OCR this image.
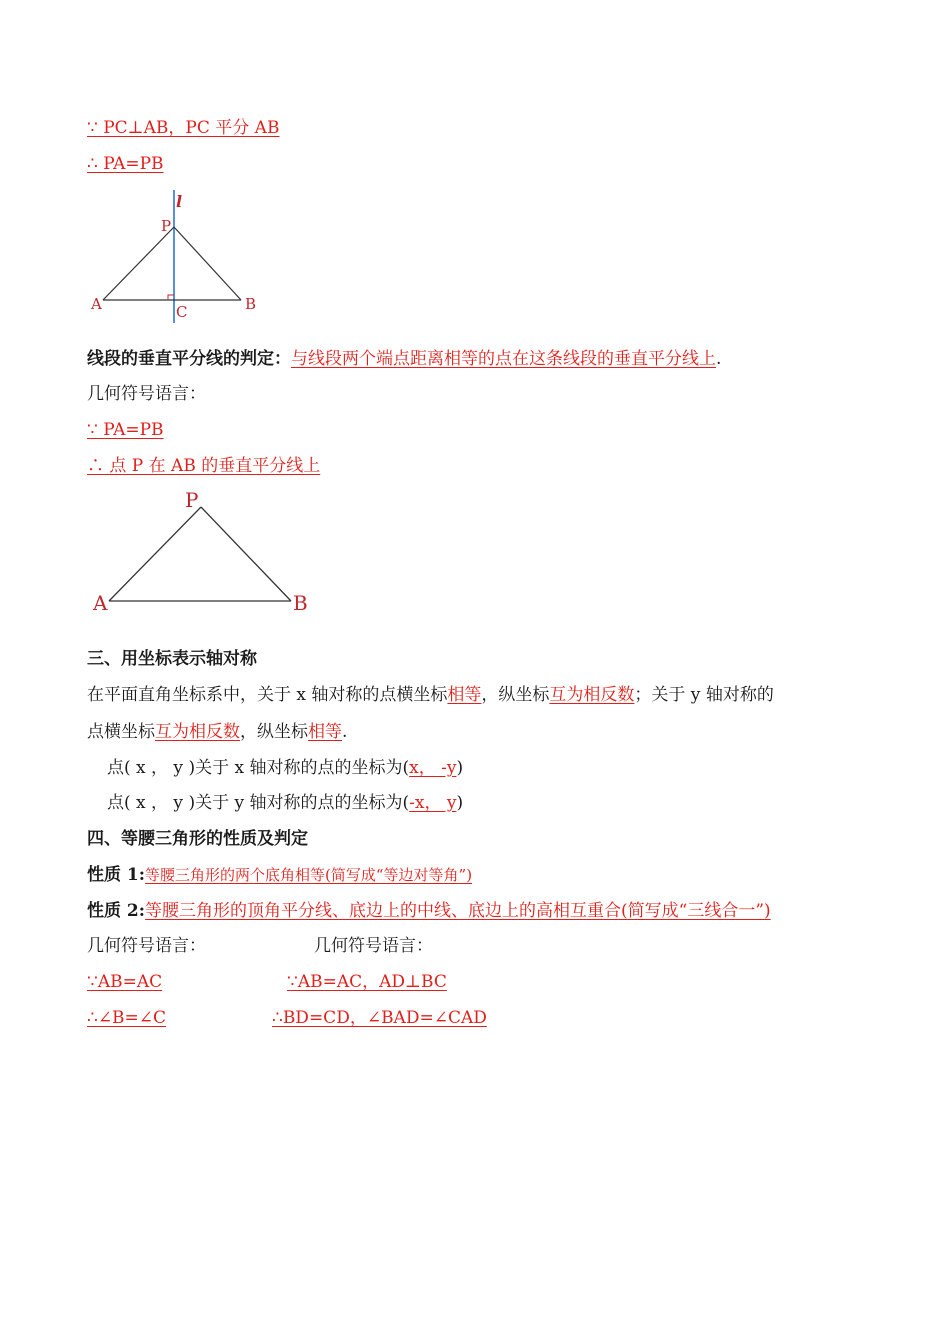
∵ PC⊥AB，PC 平分 AB
∴ PA=PB
l
P
A	B
C
线段的垂直平分线的判定：与线段两个端点距离相等的点在这条线段的垂直平分线上.
几何符号语言：
∵ PA=PB
∴ 点 P 在 AB 的垂直平分线上
P
A	B
三、用坐标表示轴对称
在平面直角坐标系中，关于 x 轴对称的点横坐标相等，纵坐标互为相反数；关于 y 轴对称的
点横坐标互为相反数，纵坐标相等.
点( x ， y )关于 x 轴对称的点的坐标为(x， -y)
点( x ， y )关于 y 轴对称的点的坐标为(-x， y)
四、等腰三角形的性质及判定
性质 1:等腰三角形的两个底角相等(简写成“等边对等角”)
性质 2:等腰三角形的顶角平分线、底边上的中线、底边上的高相互重合(简写成“三线合一”)
几何符号语言：	几何符号语言：
∵AB=AC	∵AB=AC，AD⊥BC
∴∠B=∠C	∴BD=CD，∠BAD=∠CAD
